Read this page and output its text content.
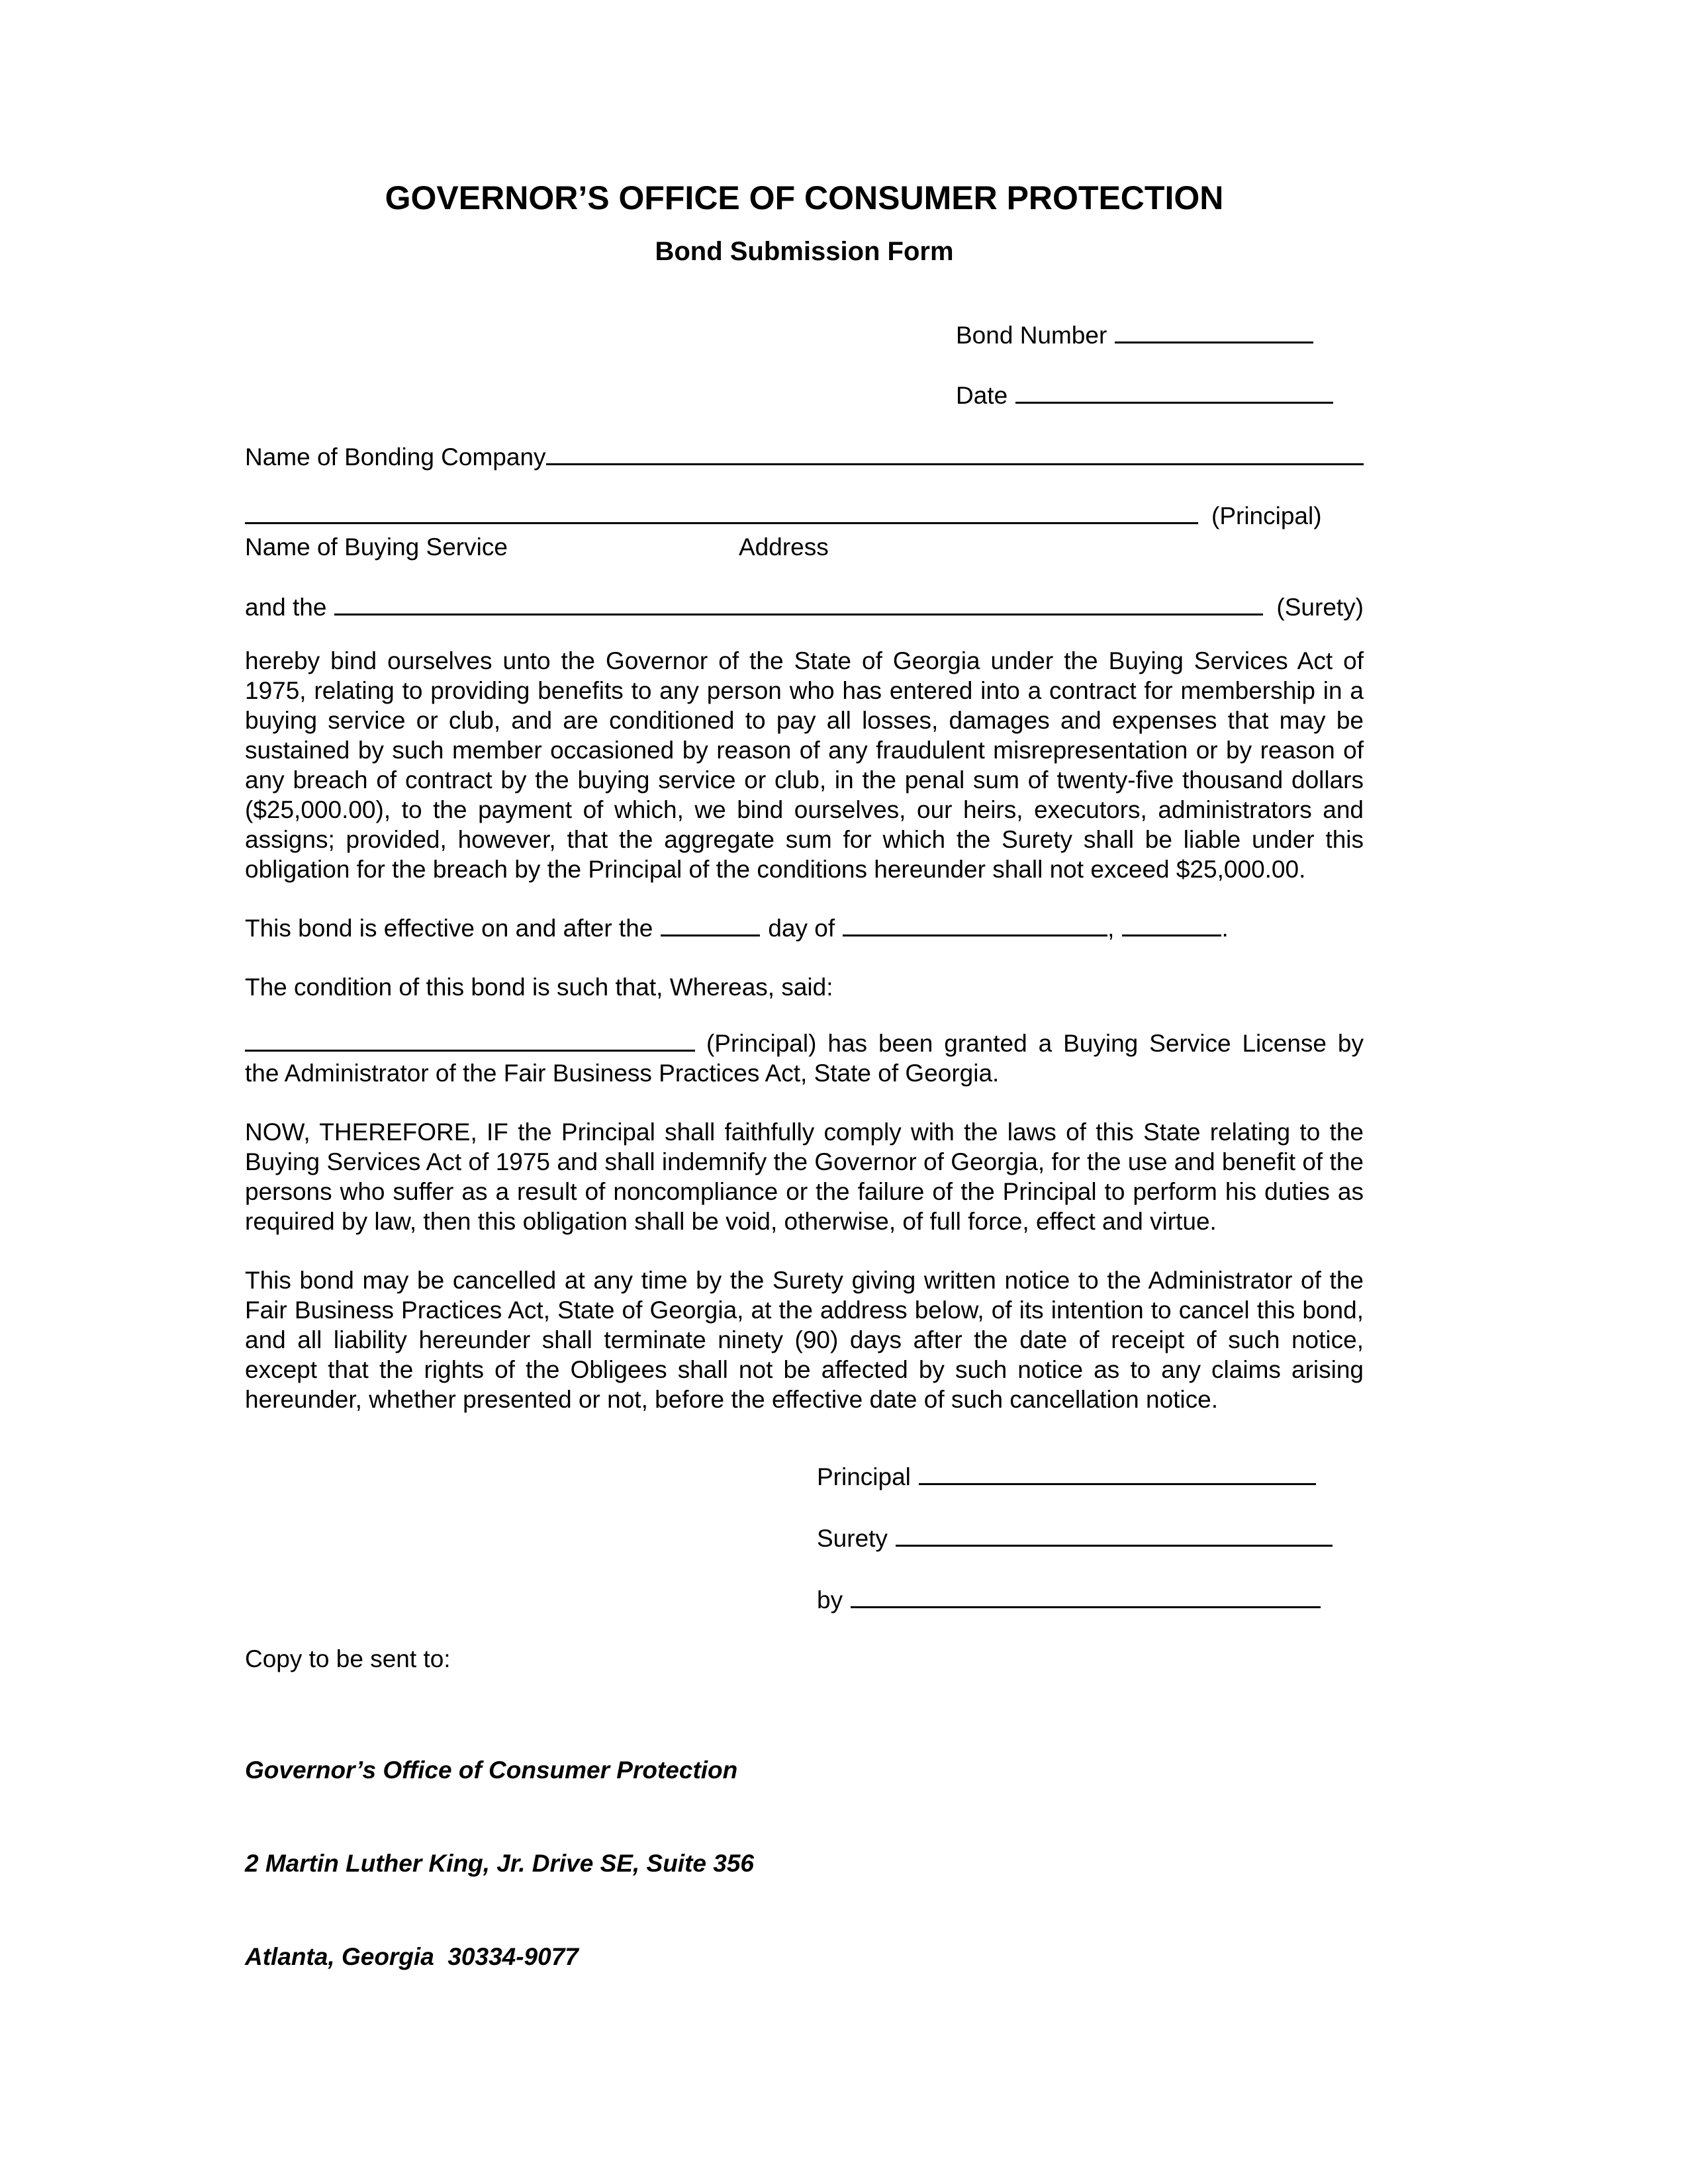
GOVERNOR’S OFFICE OF CONSUMER PROTECTION
Bond Submission Form
Bond Number
Date
Name of Bonding Company
(Principal)
Name of Buying Service	Address
and the	(Surety)

hereby bind ourselves unto the Governor of the State of Georgia under the Buying Services Act of 1975, relating to providing benefits to any person who has entered into a contract for membership in a buying service or club, and are conditioned to pay all losses, damages and expenses that may be sustained by such member occasioned by reason of any fraudulent misrepresentation or by reason of any breach of contract by the buying service or club, in the penal sum of twenty-five thousand dollars ($25,000.00), to the payment of which, we bind ourselves, our heirs, executors, administrators and assigns; provided, however, that the aggregate sum for which the Surety shall be liable under this obligation for the breach by the Principal of the conditions hereunder shall not exceed $25,000.00.

This bond is effective on and after the	day of	,	.

The condition of this bond is such that, Whereas, said:

(Principal) has been granted a Buying Service License by the Administrator of the Fair Business Practices Act, State of Georgia.

NOW, THEREFORE, IF the Principal shall faithfully comply with the laws of this State relating to the Buying Services Act of 1975 and shall indemnify the Governor of Georgia, for the use and benefit of the persons who suffer as a result of noncompliance or the failure of the Principal to perform his duties as required by law, then this obligation shall be void, otherwise, of full force, effect and virtue.

This bond may be cancelled at any time by the Surety giving written notice to the Administrator of the Fair Business Practices Act, State of Georgia, at the address below, of its intention to cancel this bond, and all liability hereunder shall terminate ninety (90) days after the date of receipt of such notice, except that the rights of the Obligees shall not be affected by such notice as to any claims arising hereunder, whether presented or not, before the effective date of such cancellation notice.

Principal
Surety
by
Copy to be sent to:

Governor’s Office of Consumer Protection

2 Martin Luther King, Jr. Drive SE, Suite 356

Atlanta, Georgia  30334-9077
